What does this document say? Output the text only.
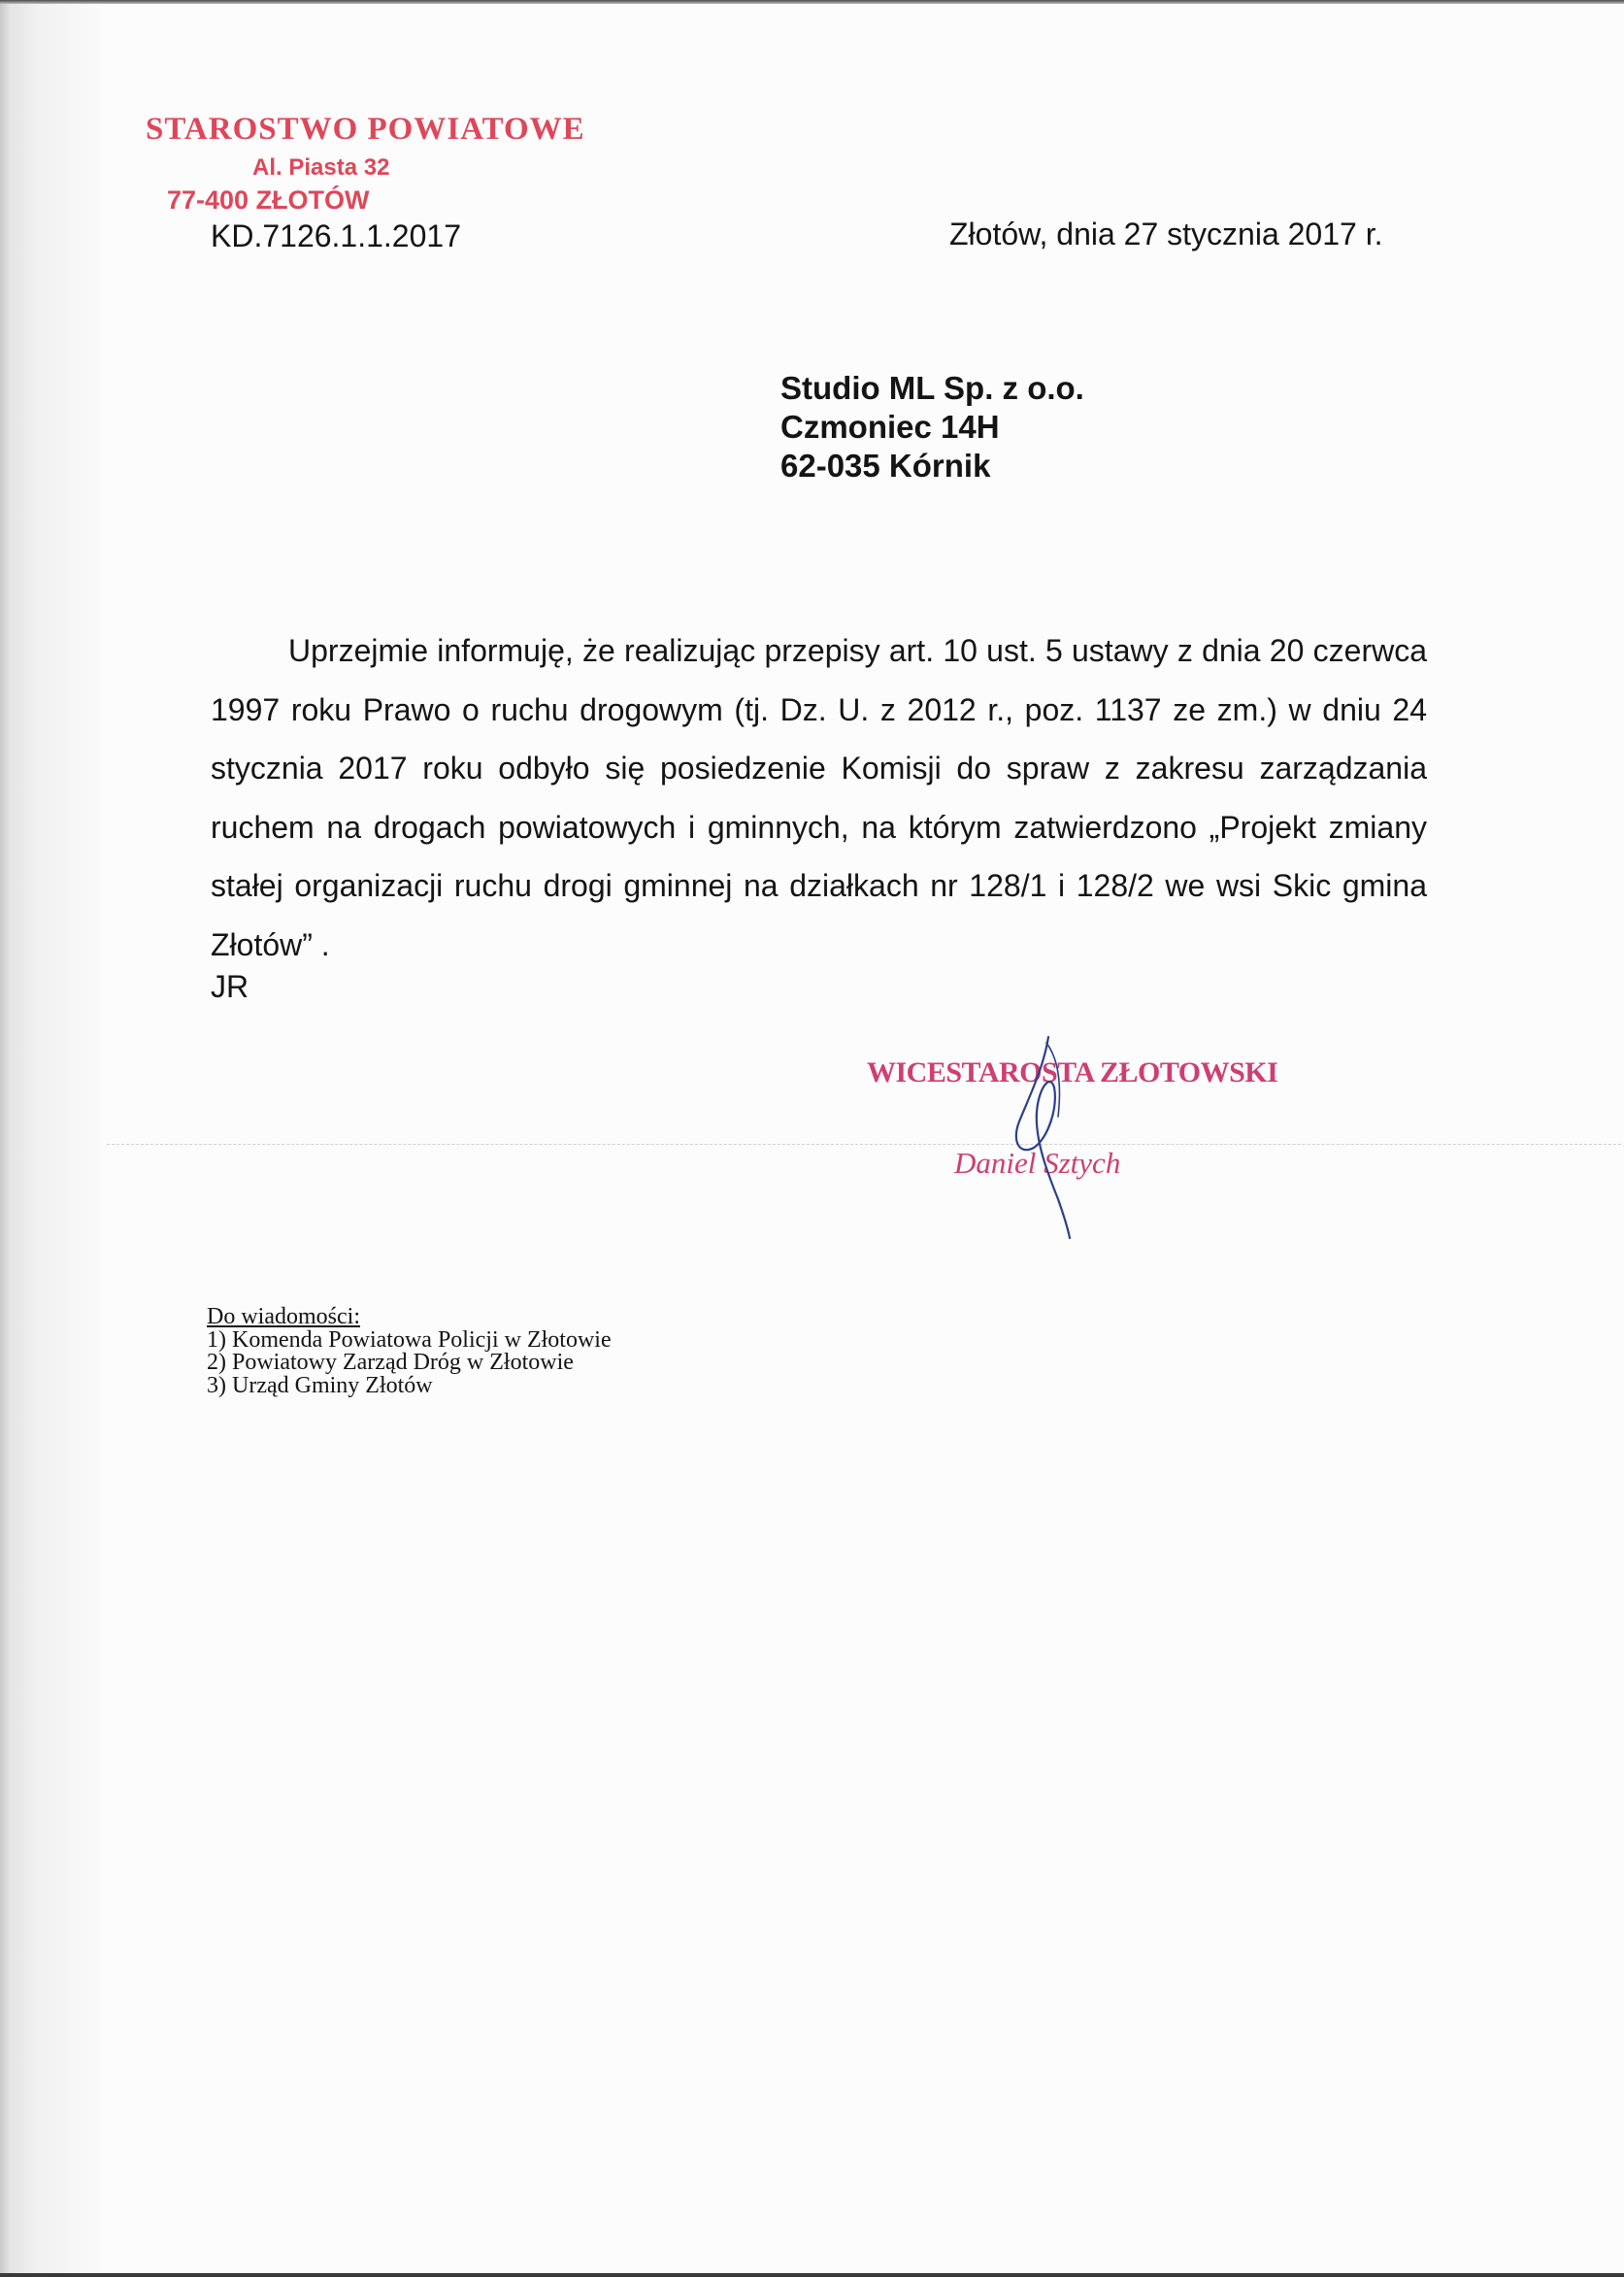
STAROSTWO POWIATOWE
Al. Piasta 32
77-400 ZŁOTÓW
KD.7126.1.1.2017	Złotów, dnia 27 stycznia 2017 r.
Studio ML Sp. z o.o.
Czmoniec 14H
62-035 Kórnik

Uprzejmie informuję, że realizując przepisy art. 10 ust. 5 ustawy z dnia 20 czerwca 1997 roku Prawo o ruchu drogowym (tj. Dz. U. z 2012 r., poz. 1137 ze zm.) w dniu 24 stycznia 2017 roku odbyło się posiedzenie Komisji do spraw z zakresu zarządzania ruchem na drogach powiatowych i gminnych, na którym zatwierdzono „Projekt zmiany stałej organizacji ruchu drogi gminnej na działkach nr 128/1 i 128/2 we wsi Skic gmina Złotów” .

JR
WICESTAROSTA ZŁOTOWSKI
Daniel Sztych
Do wiadomości:
1) Komenda Powiatowa Policji w Złotowie
2) Powiatowy Zarząd Dróg w Złotowie
3) Urząd Gminy Złotów
